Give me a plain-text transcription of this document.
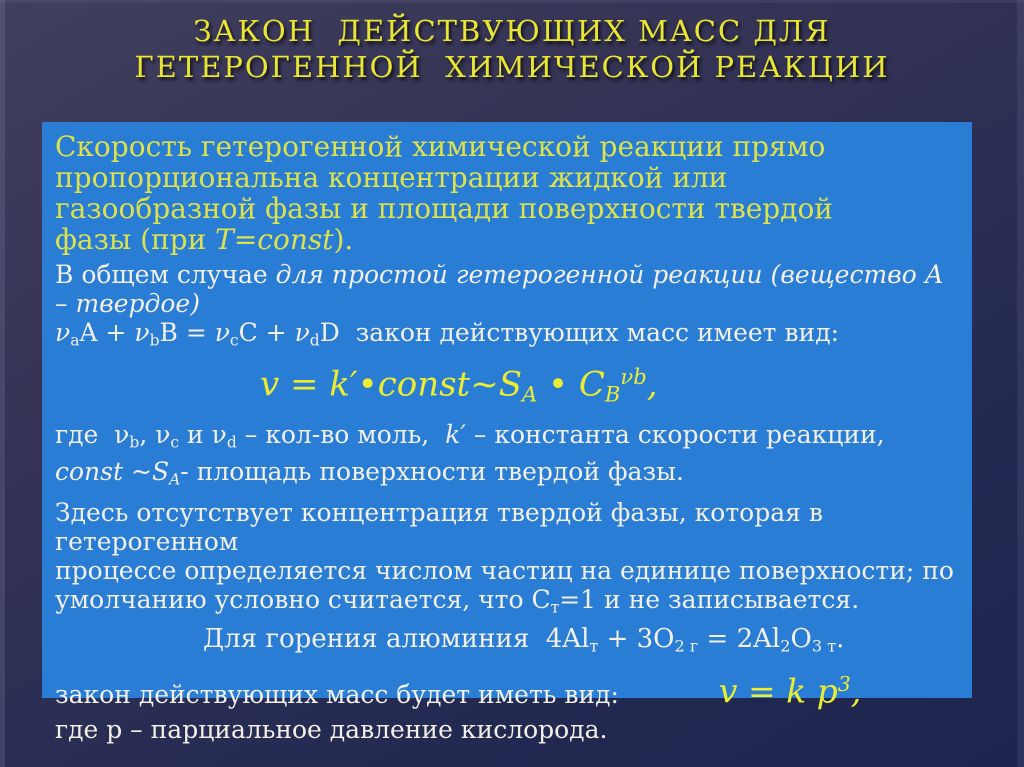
ЗАКОН  ДЕЙСТВУЮЩИХ МАСС ДЛЯ
ГЕТЕРОГЕННОЙ  ХИМИЧЕСКОЙ РЕАКЦИИ
Скорость гетерогенной химической реакции прямо
пропорциональна концентрации жидкой или
газообразной фазы и площади поверхности твердой
фазы (при T=const).
В общем случае для простой гетерогенной реакции (вещество А – твердое)
$\nu_aA + \nu_bB = \nu_cC + \nu_dD$  закон действующих масс имеет вид:
$v = k'•const\sim S_A$ • $C_B^{\nu b}$,
где  $\nu_b$, $\nu_c$ и $\nu_d - кол-во$ моль,  k′ – константа скорости реакции,
const $\sim S_A-$ площадь поверхности твердой фазы.
Здесь отсутствует концентрация твердой фазы, которая в гетерогенном
процессе определяется числом частиц на единице поверхности; по
умолчанию условно считается, что $С_т=1$ и не записывается.
Для горения алюминия  $4Al_т + 3O_{2 г} = 2Al_2O_{3 т}$.
закон действующих масс будет иметь вид:	v = k $p^3$,
где p – парциальное давление кислорода.
